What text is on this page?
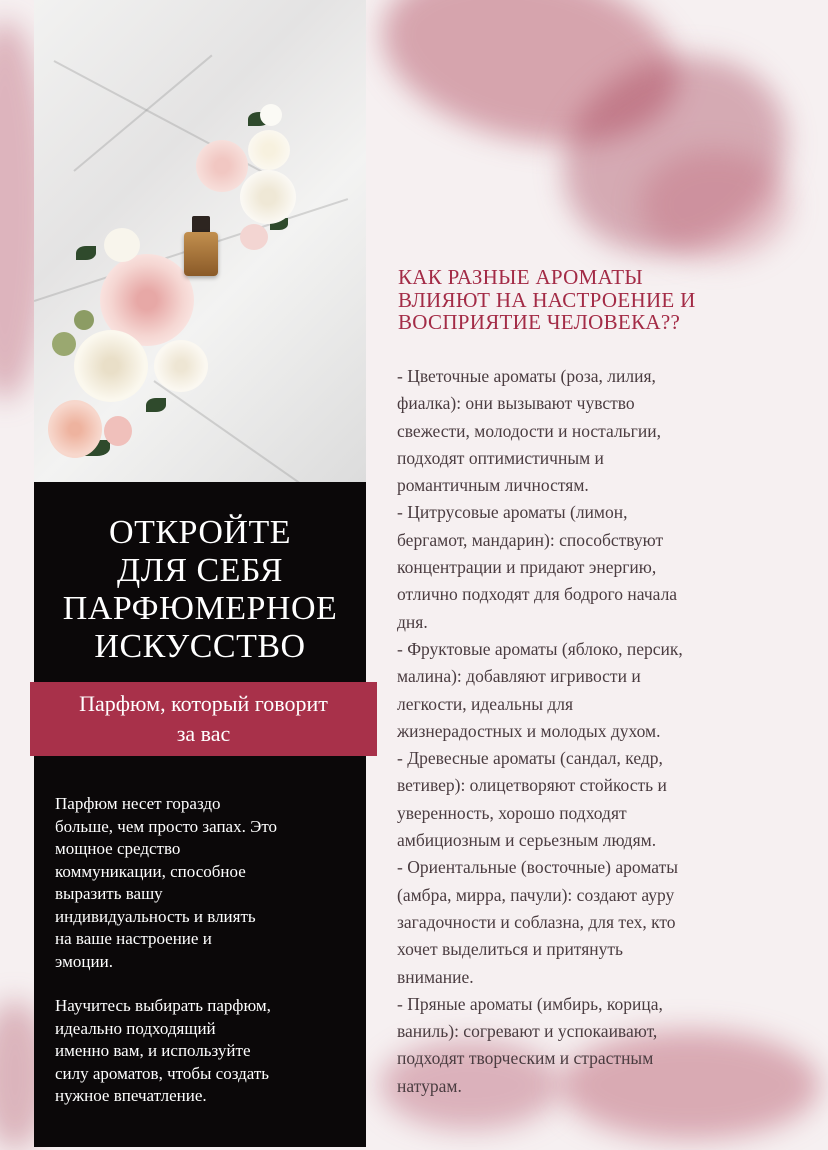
ОТКРОЙТЕ
ДЛЯ СЕБЯ
ПАРФЮМЕРНОЕ
ИСКУССТВО
Парфюм, который говорит
за вас

Парфюм несет гораздо

больше, чем просто запах. Это

мощное средство

коммуникации, способное

выразить вашу

индивидуальность и влиять

на ваше настроение и

эмоции.

Научитесь выбирать парфюм,

идеально подходящий

именно вам, и используйте

силу ароматов, чтобы создать

нужное впечатление.

КАК РАЗНЫЕ АРОМАТЫ
ВЛИЯЮТ НА НАСТРОЕНИЕ И
ВОСПРИЯТИЕ ЧЕЛОВЕКА??
- Цветочные ароматы (роза, лилия,
фиалка): они вызывают чувство
свежести, молодости и ностальгии,
подходят оптимистичным и
романтичным личностям.
- Цитрусовые ароматы (лимон,
бергамот, мандарин): способствуют
концентрации и придают энергию,
отлично подходят для бодрого начала
дня.
- Фруктовые ароматы (яблоко, персик,
малина): добавляют игривости и
легкости, идеальны для
жизнерадостных и молодых духом.
- Древесные ароматы (сандал, кедр,
ветивер): олицетворяют стойкость и
уверенность, хорошо подходят
амбициозным и серьезным людям.
- Ориентальные (восточные) ароматы
(амбра, мирра, пачули): создают ауру
загадочности и соблазна, для тех, кто
хочет выделиться и притянуть
внимание.
- Пряные ароматы (имбирь, корица,
ваниль): согревают и успокаивают,
подходят творческим и страстным
натурам.
